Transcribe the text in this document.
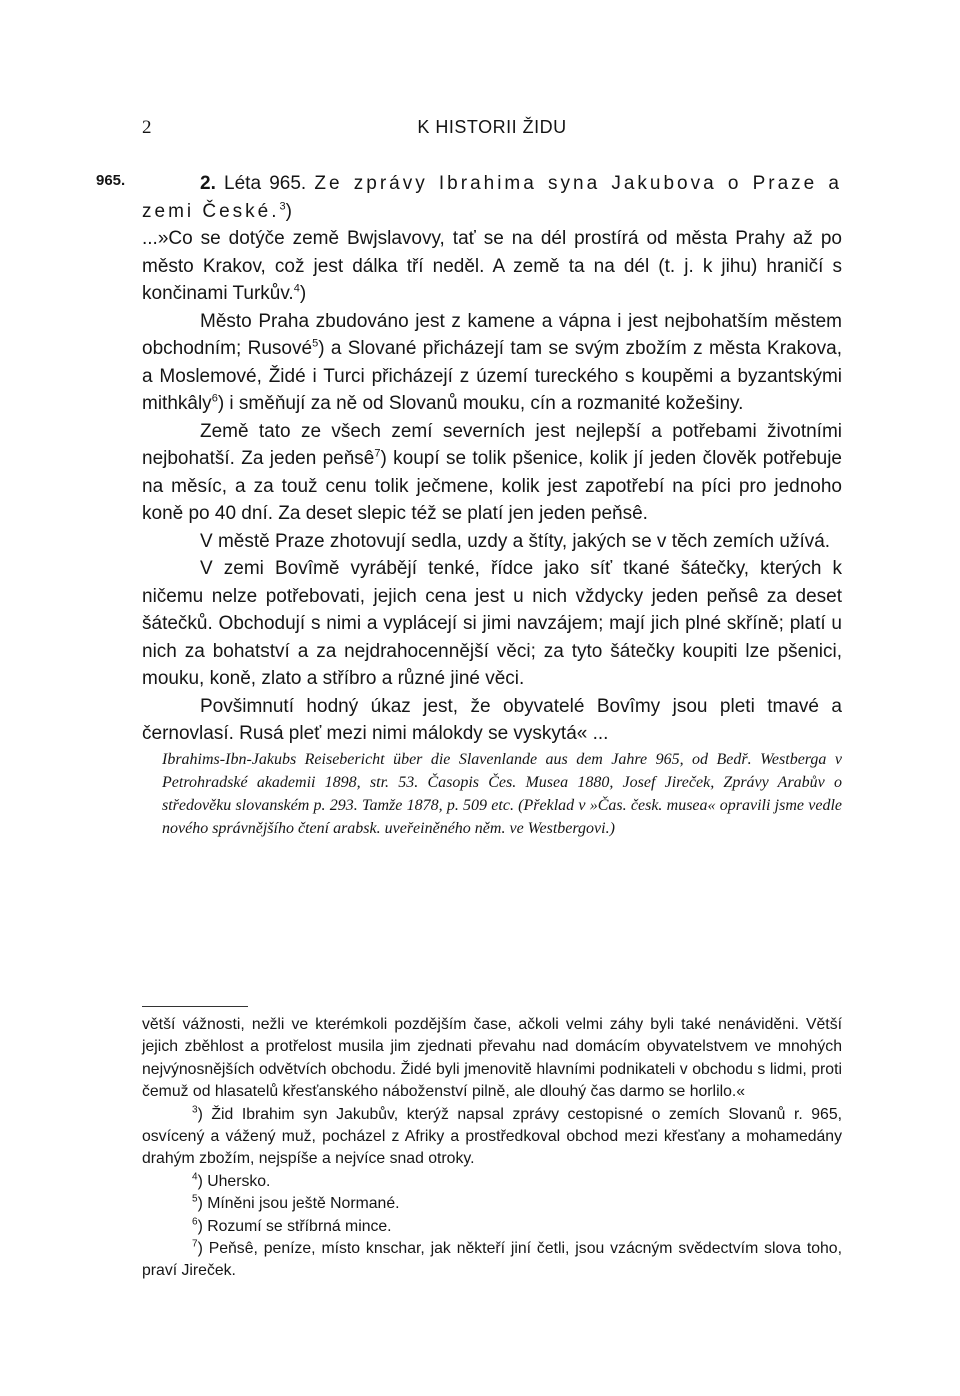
2	K HISTORII ŽIDU
965.	2. Léta 965. Ze zprávy Ibrahima syna Jakubova o Praze a zemi České.$^3$)

...»Co se dotýče země Bwjslavovy, tať se na dél prostírá od města Prahy až po město Krakov, což jest dálka tří neděl. A země ta na dél (t. j. k jihu) hraničí s končinami Turkův.$^4$)

Město Praha zbudováno jest z kamene a vápna i jest nejbohatším městem obchodním; Rusové$^5$) a Slované přicházejí tam se svým zbožím z města Krakova, a Moslemové, Židé i Turci přicházejí z území tureckého s koupěmi a byzantskými mithkâly$^6$) i směňují za ně od Slovanů mouku, cín a rozmanité kožešiny.

Země tato ze všech zemí severních jest nejlepší a potřebami životními nejbohatší. Za jeden peňsê$^7$) koupí se tolik pšenice, kolik jí jeden člověk potřebuje na měsíc, a za touž cenu tolik ječmene, kolik jest zapotřebí na píci pro jednoho koně po 40 dní. Za deset slepic též se platí jen jeden peňsê.

V městě Praze zhotovují sedla, uzdy a štíty, jakých se v těch zemích užívá.

V zemi Bovîmě vyrábějí tenké, řídce jako síť tkané šátečky, kterých k ničemu nelze potřebovati, jejich cena jest u nich vždycky jeden peňsê za deset šátečků. Obchodují s nimi a vyplácejí si jimi navzájem; mají jich plné skříně; platí u nich za bohatství a za nejdrahocennější věci; za tyto šátečky koupiti lze pšenici, mouku, koně, zlato a stříbro a různé jiné věci.

Povšimnutí hodný úkaz jest, že obyvatelé Bovîmy jsou pleti tmavé a černovlasí. Rusá pleť mezi nimi málokdy se vyskytá« ...

Ibrahims-Ibn-Jakubs Reisebericht über die Slavenlande aus dem Jahre 965, od Bedř. Westberga v Petrohradské akademii 1898, str. 53. Časopis Čes. Musea 1880, Josef Jireček, Zprávy Arabův o středověku slovanském p. 293. Tamže 1878, p. 509 etc. (Překlad v »Čas. česk. musea« opravili jsme vedle nového správnějšího čtení arabsk. uveřeiněného něm. ve Westbergovi.)

větší vážnosti, nežli ve kterémkoli pozdějším čase, ačkoli velmi záhy byli také nenáviděni. Větší jejich zběhlost a protřelost musila jim zjednati převahu nad domácím obyvatelstvem ve mnohých nejvýnosnějších odvětvích obchodu. Židé byli jmenovitě hlavními podnikateli v obchodu s lidmi, proti čemuž od hlasatelů křesťanského náboženství pilně, ale dlouhý čas darmo se horlilo.«

$^3$) Žid Ibrahim syn Jakubův, kterýž napsal zprávy cestopisné o zemích Slovanů r. 965, osvícený a vážený muž, pocházel z Afriky a prostředkoval obchod mezi křesťany a mohamedány drahým zbožím, nejspíše a nejvíce snad otroky.

$^4$) Uhersko.

$^5$) Míněni jsou ještě Normané.

$^6$) Rozumí se stříbrná mince.

$^7$) Peňsê, peníze, místo knschar, jak někteří jiní četli, jsou vzácným svědectvím slova toho, praví Jireček.
